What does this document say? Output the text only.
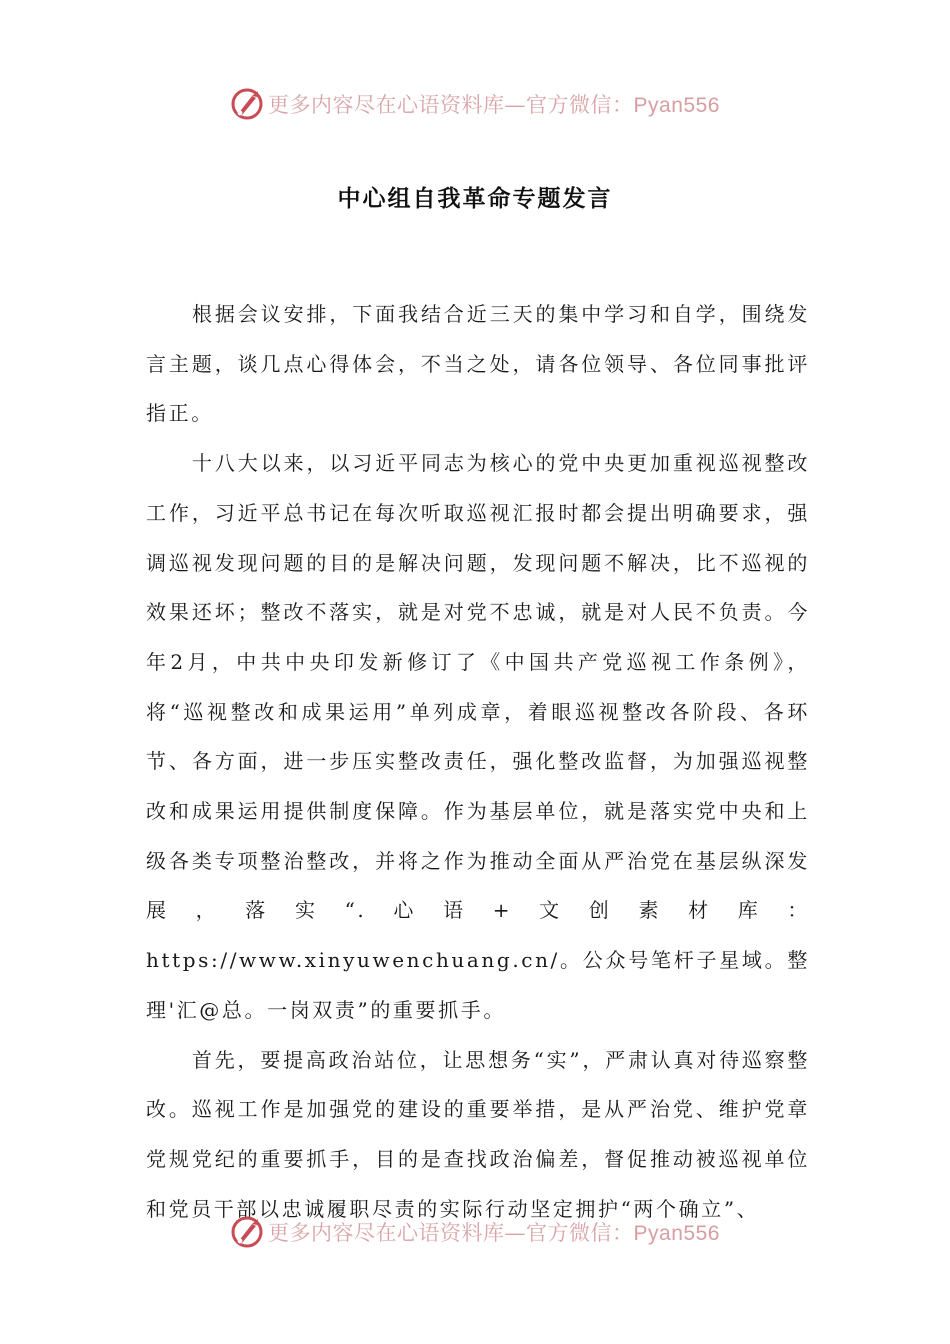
更多内容尽在心语资料库—官方微信：Pyan556
中心组自我革命专题发言

根据会议安排，下面我结合近三天的集中学习和自学，围绕发言主题，谈几点心得体会，不当之处，请各位领导、各位同事批评指正。

十八大以来，以习近平同志为核心的党中央更加重视巡视整改工作，习近平总书记在每次听取巡视汇报时都会提出明确要求，强调巡视发现问题的目的是解决问题，发现问题不解决，比不巡视的效果还坏；整改不落实，就是对党不忠诚，就是对人民不负责。今年2月，中共中央印发新修订了《中国共产党巡视工作条例》，将“巡视整改和成果运用”单列成章，着眼巡视整改各阶段、各环节、各方面，进一步压实整改责任，强化整改监督，为加强巡视整改和成果运用提供制度保障。作为基层单位，就是落实党中央和上级各类专项整治整改，并将之作为推动全面从严治党在基层纵深发展，落实“.心语+文创素材库：https://www.xinyuwenchuang.cn/。公众号笔杆子星域。整理'汇@总。一岗双责”的重要抓手。

首先，要提高政治站位，让思想务“实”，严肃认真对待巡察整改。巡视工作是加强党的建设的重要举措，是从严治党、维护党章党规党纪的重要抓手，目的是查找政治偏差，督促推动被巡视单位和党员干部以忠诚履职尽责的实际行动坚定拥护“两个确立”、

更多内容尽在心语资料库—官方微信：Pyan556
